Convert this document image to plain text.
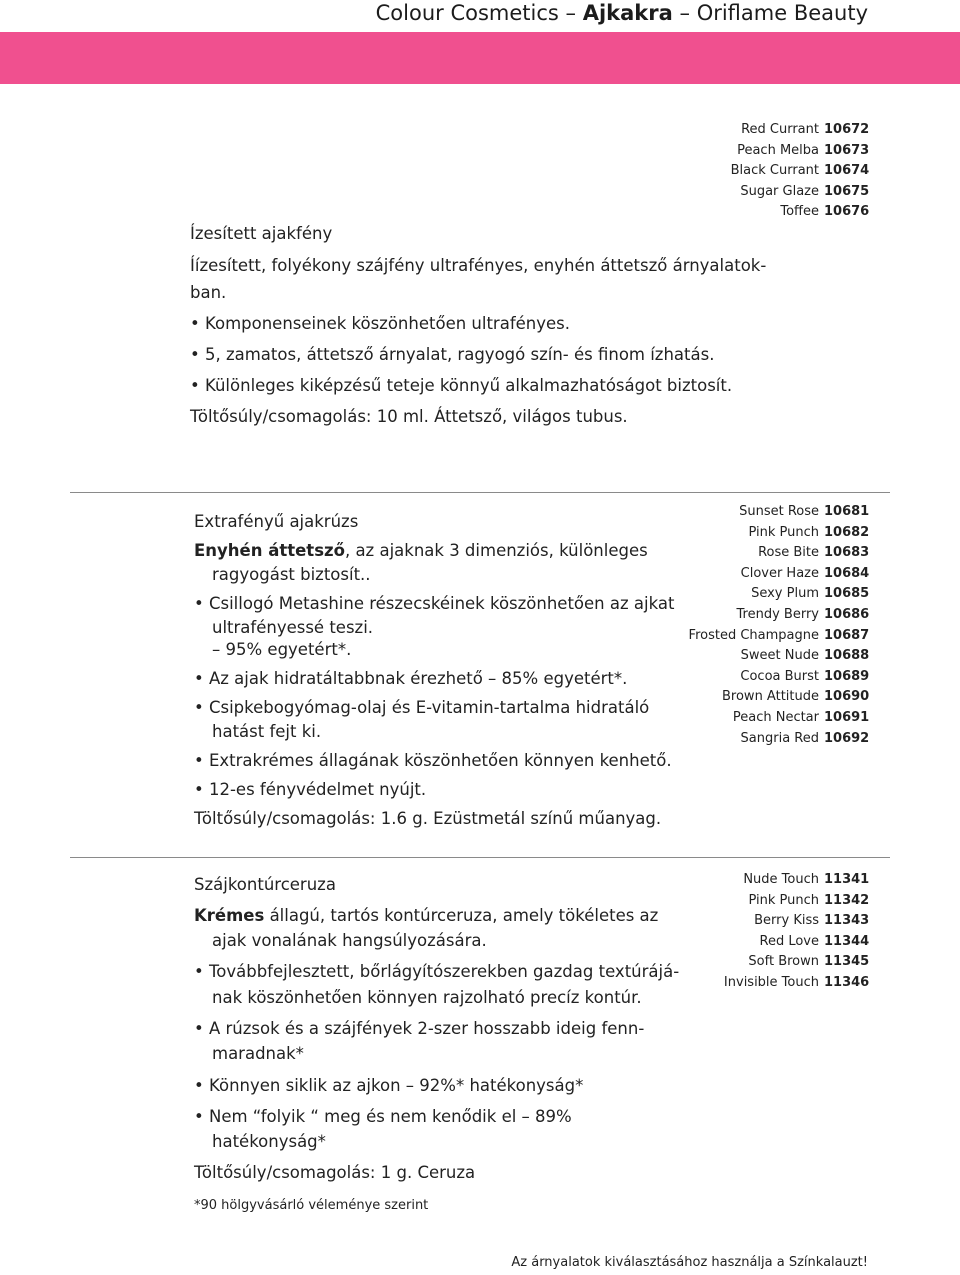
Colour Cosmetics – Ajkakra – Oriflame Beauty
Red Currant 10672
Peach Melba 10673
Black Currant 10674
Sugar Glaze 10675
Toffee 10676
Ízesített ajakfény
Íízesített, folyékony szájfény ultrafényes, enyhén áttetsző árnyalatok-
ban.
• Komponenseinek köszönhetően ultrafényes.
• 5, zamatos, áttetsző árnyalat, ragyogó szín- és finom ízhatás.
• Különleges kiképzésű teteje könnyű alkalmazhatóságot biztosít.
Töltősúly/csomagolás: 10 ml. Áttetsző, világos tubus.
Sunset Rose 10681
Pink Punch 10682
Rose Bite 10683
Clover Haze 10684
Sexy Plum 10685
Trendy Berry 10686
Frosted Champagne 10687
Sweet Nude 10688
Cocoa Burst 10689
Brown Attitude 10690
Peach Nectar 10691
Sangria Red 10692
Extrafényű ajakrúzs
Enyhén áttetsző, az ajaknak 3 dimenziós, különleges
ragyogást biztosít..
• Csillogó Metashine részecskéinek köszönhetően az ajkat
ultrafényessé teszi.
– 95% egyetért*.
• Az ajak hidratáltabbnak érezhető – 85% egyetért*.
• Csipkebogyómag-olaj és E-vitamin-tartalma hidratáló
hatást fejt ki.
• Extrakrémes állagának köszönhetően könnyen kenhető.
• 12-es fényvédelmet nyújt.
Töltősúly/csomagolás: 1.6 g. Ezüstmetál színű műanyag.
Nude Touch 11341
Pink Punch 11342
Berry Kiss 11343
Red Love 11344
Soft Brown 11345
Invisible Touch 11346
Szájkontúrceruza
Krémes állagú, tartós kontúrceruza, amely tökéletes az
ajak vonalának hangsúlyozására.
• Továbbfejlesztett, bőrlágyítószerekben gazdag textúrájá-
nak köszönhetően könnyen rajzolható precíz kontúr.
• A rúzsok és a szájfények 2-szer hosszabb ideig fenn-
maradnak*
• Könnyen siklik az ajkon – 92%* hatékonyság*
• Nem “folyik “ meg és nem kenődik el – 89%
hatékonyság*
Töltősúly/csomagolás: 1 g. Ceruza
*90 hölgyvásárló véleménye szerint
Az árnyalatok kiválasztásához használja a Színkalauzt!
